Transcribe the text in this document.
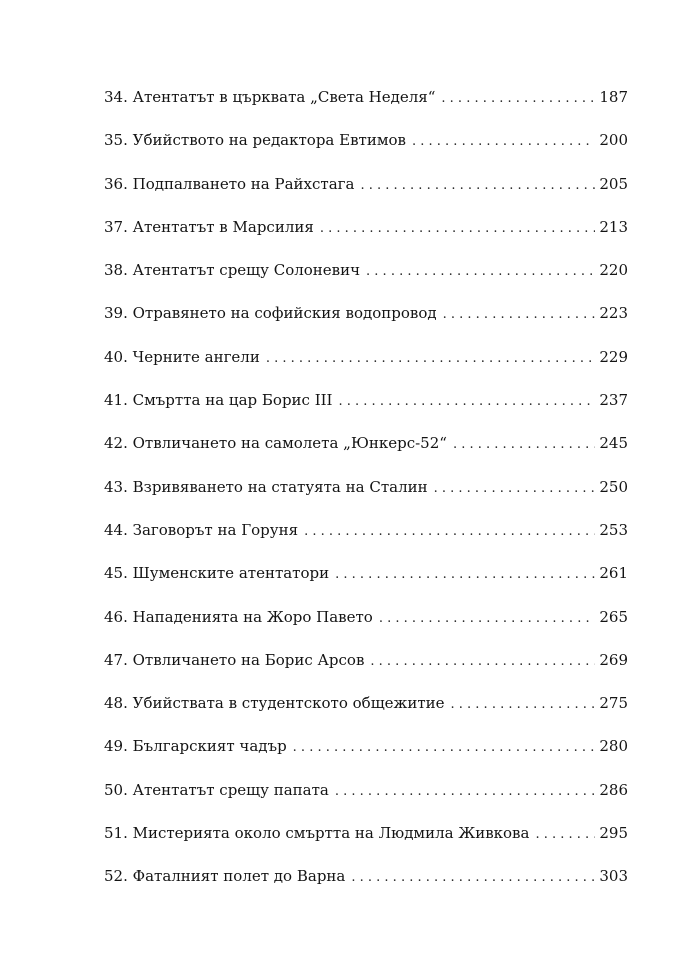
34. Атентатът в църквата „Света Неделя“ . . .	187
35. Убийството на редактора Евтимов . . .	200
36. Подпалването на Райхстага . . .	205
37. Атентатът в Марсилия . . .	213
38. Атентатът срещу Солоневич . . .	220
39. Отравянето на софийския водопровод . . .	223
40. Черните ангели . . .	229
41. Смъртта на цар Борис III . . .	237
42. Отвличането на самолета „Юнкерс-52“ . . .	245
43. Взривяването на статуята на Сталин . . .	250
44. Заговорът на Горуня . . .	253
45. Шуменските атентатори . . .	261
46. Нападенията на Жоро Павето . . .	265
47. Отвличането на Борис Арсов . . .	269
48. Убийствата в студентското общежитие . . .	275
49. Българският чадър . . .	280
50. Атентатът срещу папата . . .	286
51. Мистерията около смъртта на Людмила Живкова . . .	295
52. Фаталният полет до Варна . . .	303
